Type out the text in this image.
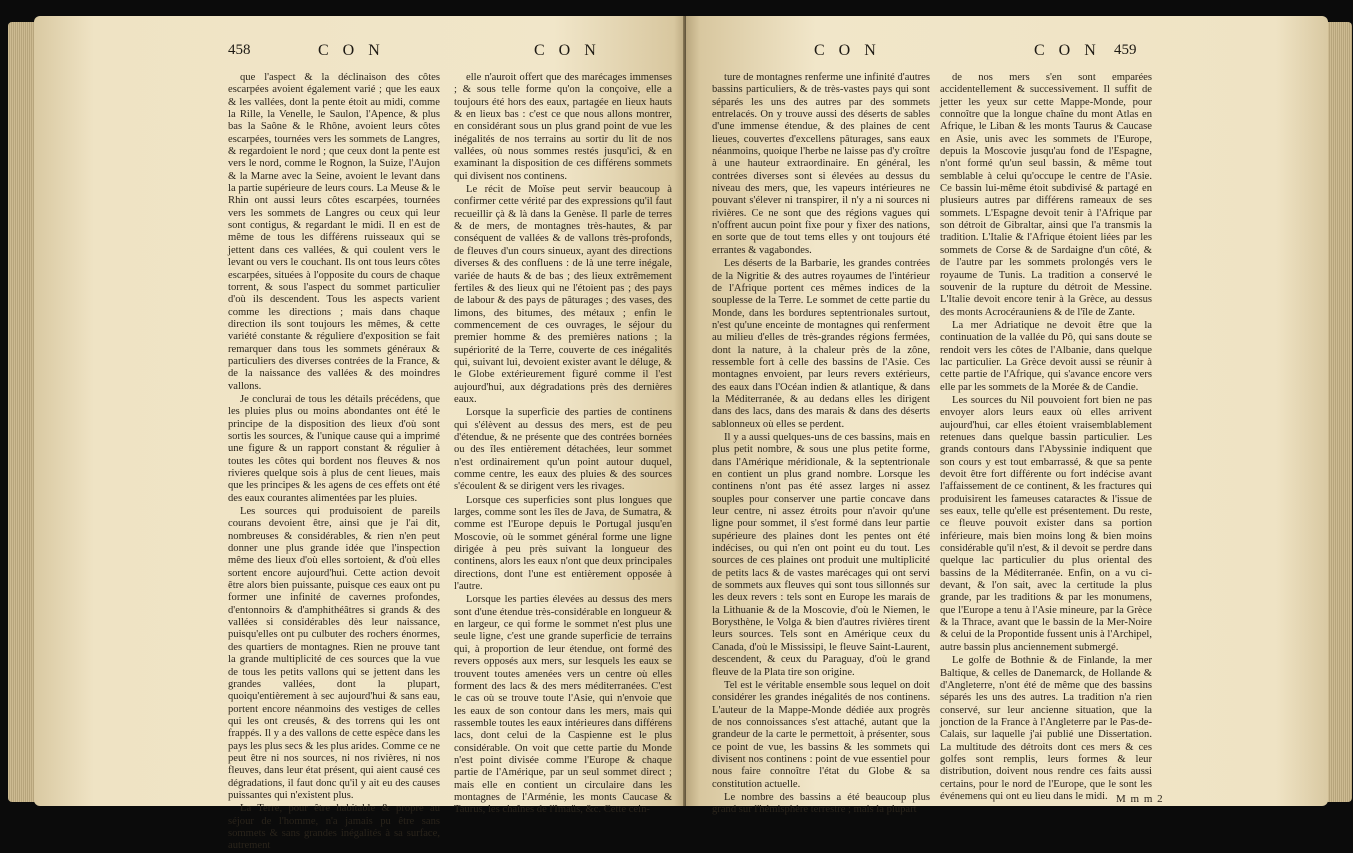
458	C O N	C O N

que l'aspect & la déclinaison des côtes escarpées avoient également varié ; que les eaux & les vallées, dont la pente étoit au midi, comme la Rille, la Venelle, le Saulon, l'Apence, & plus bas la Saône & le Rhône, avoient leurs côtes escarpées, tournées vers les sommets de Langres, & regardoient le nord ; que ceux dont la pente est vers le nord, comme le Rognon, la Suize, l'Aujon & la Marne avec la Seine, avoient le levant dans la partie supérieure de leurs cours. La Meuse & le Rhin ont aussi leurs côtes escarpées, tournées vers les sommets de Langres ou ceux qui leur sont contigus, & regardant le midi. Il en est de même de tous les différens ruisseaux qui se jettent dans ces vallées, & qui coulent vers le levant ou vers le couchant. Ils ont tous leurs côtes escarpées, situées à l'opposite du cours de chaque torrent, & sous l'aspect du sommet particulier d'où ils descendent. Tous les aspects varient comme les directions ; mais dans chaque direction ils sont toujours les mêmes, & cette variété constante & réguliere d'exposition se fait remarquer dans tous les sommets généraux & particuliers des diverses contrées de la France, & de la naissance des vallées & des moindres vallons.

Je conclurai de tous les détails précédens, que les pluies plus ou moins abondantes ont été le principe de la disposition des lieux d'où sont sortis les sources, & l'unique cause qui a imprimé une figure & un rapport constant & régulier à toutes les côtes qui bordent nos fleuves & nos rivieres quelque sois à plus de cent lieues, mais que les principes & les agens de ces effets ont été des eaux courantes alimentées par les pluies.

Les sources qui produisoient de pareils courans devoient être, ainsi que je l'ai dit, nombreuses & considérables, & rien n'en peut donner une plus grande idée que l'inspection même des lieux d'où elles sortoient, & d'où elles sortent encore aujourd'hui. Cette action devoit être alors bien puissante, puisque ces eaux ont pu former une infinité de cavernes profondes, d'entonnoirs & d'amphithéâtres si grands & des vallées si considérables dès leur naissance, puisqu'elles ont pu culbuter des rochers énormes, des quartiers de montagnes. Rien ne prouve tant la grande multiplicité de ces sources que la vue de tous les petits vallons qui se jettent dans les grandes vallées, dont la plupart, quoiqu'entièrement à sec aujourd'hui & sans eau, portent encore néanmoins des vestiges de celles qui les ont creusés, & des torrens qui les ont frappés. Il y a des vallons de cette espèce dans les pays les plus secs & les plus arides. Comme ce ne peut être ni nos sources, ni nos rivières, ni nos fleuves, dans leur état présent, qui aient causé ces dégradations, il faut donc qu'il y ait eu des causes puissantes qui n'existent plus.

La Terre, pour être habitable & propre au séjour de l'homme, n'a jamais pu être sans sommets & sans grandes inégalités à sa surface, autrement

elle n'auroit offert que des marécages immenses ; & sous telle forme qu'on la conçoive, elle a toujours été hors des eaux, partagée en lieux hauts & en lieux bas : c'est ce que nous allons montrer, en considérant sous un plus grand point de vue les inégalités de nos terrains au sortir du lit de nos vallées, où nous sommes restés jusqu'ici, & en examinant la disposition de ces différens sommets qui divisent nos continens.

Le récit de Moïse peut servir beaucoup à confirmer cette vérité par des expressions qu'il faut recueillir çà & là dans la Genèse. Il parle de terres & de mers, de montagnes très-hautes, & par conséquent de vallées & de vallons très-profonds, de fleuves d'un cours sinueux, ayant des directions diverses & des confluens : de là une terre inégale, variée de hauts & de bas ; des lieux extrêmement fertiles & des lieux qui ne l'étoient pas ; des pays de labour & des pays de pâturages ; des vases, des limons, des bitumes, des métaux ; enfin le commencement de ces ouvrages, le séjour du premier homme & des premières nations ; la supériorité de la Terre, couverte de ces inégalités qui, suivant lui, devoient exister avant le déluge, & le Globe extérieurement figuré comme il l'est aujourd'hui, aux dégradations près des dernières eaux.

Lorsque la superficie des parties de continens qui s'élèvent au dessus des mers, est de peu d'étendue, & ne présente que des contrées bornées ou des îles entièrement détachées, leur sommet n'est ordinairement qu'un point autour duquel, comme centre, les eaux des pluies & des sources s'écoulent & se dirigent vers les rivages.

Lorsque ces superficies sont plus longues que larges, comme sont les îles de Java, de Sumatra, & comme est l'Europe depuis le Portugal jusqu'en Moscovie, où le sommet général forme une ligne dirigée à peu près suivant la longueur des continens, alors les eaux n'ont que deux principales directions, dont l'une est entièrement opposée à l'autre.

Lorsque les parties élevées au dessus des mers sont d'une étendue très-considérable en longueur & en largeur, ce qui forme le sommet n'est plus une seule ligne, c'est une grande superficie de terrains qui, à proportion de leur étendue, ont formé des revers opposés aux mers, sur lesquels les eaux se trouvent toutes amenées vers un centre où elles forment des lacs & des mers méditerranées. C'est le cas où se trouve toute l'Asie, qui n'envoie que les eaux de son contour dans les mers, mais qui rassemble toutes les eaux intérieures dans différens lacs, dont celui de la Caspienne est le plus considérable. On voit que cette partie du Monde n'est point divisée comme l'Europe & chaque partie de l'Amérique, par un seul sommet direct ; mais elle en contient un circulaire dans les montagnes de l'Arménie, les monts Caucase & Taurus, les chaînes de l'Imaüs, &c. Cette cein-

C O N	C O N 459

ture de montagnes renferme une infinité d'autres bassins particuliers, & de très-vastes pays qui sont séparés les uns des autres par des sommets entrelacés. On y trouve aussi des déserts de sables d'une immense étendue, & des plaines de cent lieues, couvertes d'excellens pâturages, sans eaux néanmoins, quoique l'herbe ne laisse pas d'y croître à une hauteur extraordinaire. En général, les contrées diverses sont si élevées au dessus du niveau des mers, que, les vapeurs intérieures ne pouvant s'élever ni transpirer, il n'y a ni sources ni rivières. Ce ne sont que des régions vagues qui n'offrent aucun point fixe pour y fixer des nations, en sorte que de tout tems elles y ont toujours été errantes & vagabondes.

Les déserts de la Barbarie, les grandes contrées de la Nigritie & des autres royaumes de l'intérieur de l'Afrique portent ces mêmes indices de la souplesse de la Terre. Le sommet de cette partie du Monde, dans les bordures septentrionales surtout, n'est qu'une enceinte de montagnes qui renferment au milieu d'elles de très-grandes régions fermées, dont la nature, à la chaleur près de la zône, ressemble fort à celle des bassins de l'Asie. Ces montagnes envoient, par leurs revers extérieurs, des eaux dans l'Océan indien & atlantique, & dans la Méditerranée, & au dedans elles les dirigent dans des lacs, dans des marais & dans des déserts sablonneux où elles se perdent.

Il y a aussi quelques-uns de ces bassins, mais en plus petit nombre, & sous une plus petite forme, dans l'Amérique méridionale, & la septentrionale en contient un plus grand nombre. Lorsque les continens n'ont pas été assez larges ni assez souples pour conserver une partie concave dans leur centre, ni assez étroits pour n'avoir qu'une ligne pour sommet, il s'est formé dans leur partie supérieure des plaines dont les pentes ont été indécises, ou qui n'en ont point eu du tout. Les sources de ces plaines ont produit une multiplicité de petits lacs & de vastes marécages qui ont servi de sommets aux fleuves qui sont tous sillonnés sur les deux revers : tels sont en Europe les marais de la Lithuanie & de la Moscovie, d'où le Niemen, le Borysthène, le Volga & bien d'autres rivières tirent leurs sources. Tels sont en Amérique ceux du Canada, d'où le Mississipi, le fleuve Saint-Laurent, descendent, & ceux du Paraguay, d'où le grand fleuve de la Plata tire son origine.

Tel est le véritable ensemble sous lequel on doit considérer les grandes inégalités de nos continens. L'auteur de la Mappe-Monde dédiée aux progrès de nos connoissances s'est attaché, autant que la grandeur de la carte le permettoit, à présenter, sous ce point de vue, les bassins & les sommets qui divisent nos continens : point de vue essentiel pour nous faire connoître l'état du Globe & sa constitution actuelle.

Le nombre des bassins a été beaucoup plus grand sur l'hémisphère terrestre ; mais la plupart

de nos mers s'en sont emparées accidentellement & successivement. Il suffit de jetter les yeux sur cette Mappe-Monde, pour connoître que la longue chaîne du mont Atlas en Afrique, le Liban & les monts Taurus & Caucase en Asie, unis avec les sommets de l'Europe, depuis la Moscovie jusqu'au fond de l'Espagne, n'ont formé qu'un seul bassin, & même tout semblable à celui qu'occupe le centre de l'Asie. Ce bassin lui-même étoit subdivisé & partagé en plusieurs autres par différens rameaux de ses sommets. L'Espagne devoit tenir à l'Afrique par son détroit de Gibraltar, ainsi que l'a transmis la tradition. L'Italie & l'Afrique étoient liées par les sommets de Corse & de Sardaigne d'un côté, & de l'autre par les sommets prolongés vers le royaume de Tunis. La tradition a conservé le souvenir de la rupture du détroit de Messine. L'Italie devoit encore tenir à la Grèce, au dessus des monts Acrocérauniens & de l'île de Zante.

La mer Adriatique ne devoit être que la continuation de la vallée du Pô, qui sans doute se rendoit vers les côtes de l'Albanie, dans quelque lac particulier. La Grèce devoit aussi se réunir à cette partie de l'Afrique, qui s'avance encore vers elle par les sommets de la Morée & de Candie.

Les sources du Nil pouvoient fort bien ne pas envoyer alors leurs eaux où elles arrivent aujourd'hui, car elles étoient vraisemblablement retenues dans quelque bassin particulier. Les grands contours dans l'Abyssinie indiquent que son cours y est tout embarrassé, & que sa pente devoit être fort différente ou fort indécise avant l'affaissement de ce continent, & les fractures qui produisirent les fameuses cataractes & l'issue de ses eaux, telle qu'elle est présentement. Du reste, ce fleuve pouvoit exister dans sa portion inférieure, mais bien moins long & bien moins considérable qu'il n'est, & il devoit se perdre dans quelque lac particulier du plus oriental des bassins de la Méditerranée. Enfin, on a vu ci-devant, & l'on sait, avec la certitude la plus grande, par les traditions & par les monumens, que l'Europe a tenu à l'Asie mineure, par la Grèce & la Thrace, avant que le bassin de la Mer-Noire & celui de la Propontide fussent unis à l'Archipel, autre bassin plus anciennement submergé.

Le golfe de Bothnie & de Finlande, la mer Baltique, & celles de Danemarck, de Hollande & d'Angleterre, n'ont été de même que des bassins séparés les uns des autres. La tradition n'a rien conservé, sur leur ancienne situation, que la jonction de la France à l'Angleterre par le Pas-de-Calais, sur laquelle j'ai publié une Dissertation. La multitude des détroits dont ces mers & ces golfes sont remplis, leurs formes & leur distribution, doivent nous rendre ces faits aussi certains, pour le nord de l'Europe, que le sont les événemens qui ont eu lieu dans le midi. M m m 2
